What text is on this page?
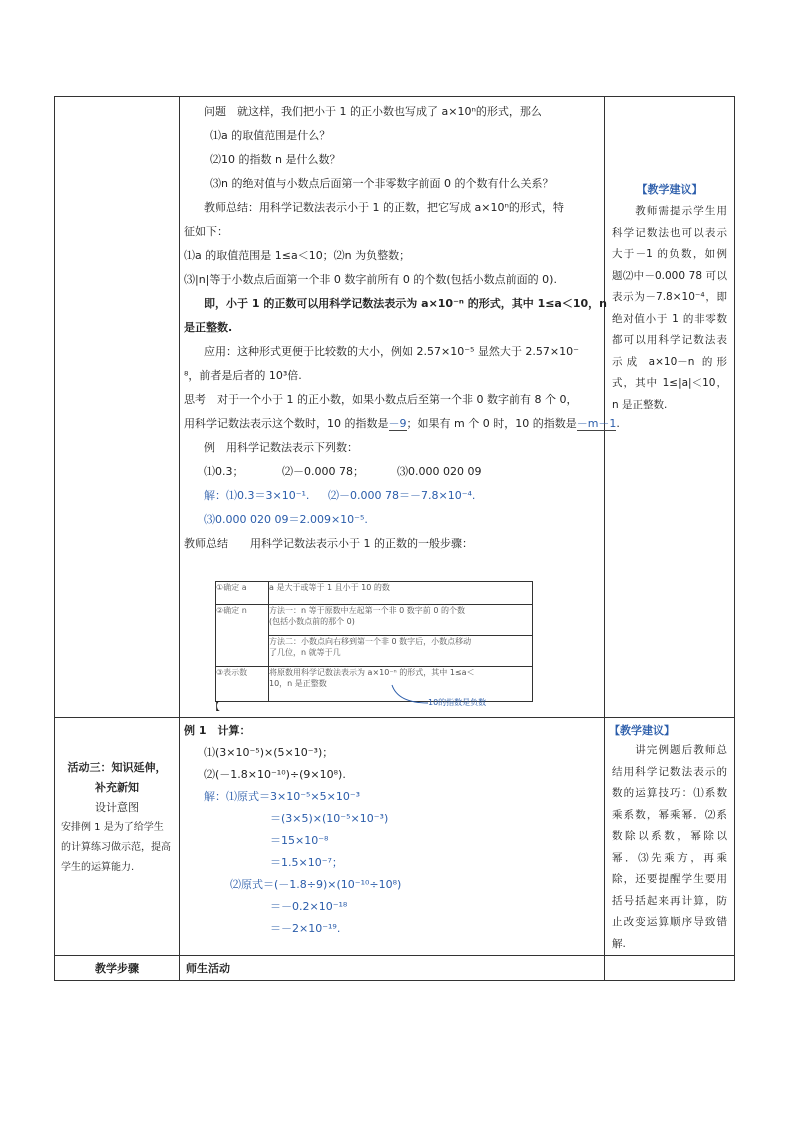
问题　就这样，我们把小于 1 的正小数也写成了 a×10ⁿ的形式，那么
⑴a 的取值范围是什么？
⑵10 的指数 n 是什么数？
⑶n 的绝对值与小数点后面第一个非零数字前面 0 的个数有什么关系？
教师总结：用科学记数法表示小于 1 的正数，把它写成 a×10ⁿ的形式，特
征如下：
⑴a 的取值范围是 1≤a＜10；⑵n 为负整数；
⑶|n|等于小数点后面第一个非 0 数字前所有 0 的个数(包括小数点前面的 0).
即，小于 1 的正数可以用科学记数法表示为 a×10⁻ⁿ 的形式，其中 1≤a＜10，n
是正整数.
应用：这种形式更便于比较数的大小，例如 2.57×10⁻⁵ 显然大于 2.57×10⁻
⁸，前者是后者的 10³倍.
思考　对于一个小于 1 的正小数，如果小数点后至第一个非 0 数字前有 8 个 0，
用科学记数法表示这个数时，10 的指数是－9；如果有 m 个 0 时，10 的指数是－m－1.
例　用科学记数法表示下列数：
⑴0.3；	⑵－0.000 78；	⑶0.000 020 09
解：⑴0.3＝3×10⁻¹. ⑵－0.000 78＝－7.8×10⁻⁴.
⑶0.000 020 09＝2.009×10⁻⁵.
教师总结　　用科学记数法表示小于 1 的正数的一般步骤：
①确定 a	a 是大于或等于 1 且小于 10 的数
②确定 n	方法一：n 等于原数中左起第一个非 0 数字前 0 的个数
(包括小数点前的那个 0)

方法二：小数点向右移到第一个非 0 数字后，小数点移动
了几位，n 就等于几

③表示数	将原数用科学记数法表示为 a×10⁻ⁿ 的形式，其中 1≤a＜
10，n 是正整数
10的指数是负数
【

【教学建议】
　　教师需提示学生用科学记数法也可以表示大于－1 的负数，如例题⑵中－0.000 78 可以表示为－7.8×10⁻⁴，即绝对值小于 1 的非零数都可以用科学记数法表示成 a×10－n 的形式，其中 1≤|a|＜10，n 是正整数.

活动三：知识延伸，
补充新知
设计意图
安排例 1 是为了给学生的计算练习做示范，提高学生的运算能力.

例 1　计算：
⑴(3×10⁻⁵)×(5×10⁻³)；
⑵(－1.8×10⁻¹⁰)÷(9×10⁸).
解：⑴原式＝3×10⁻⁵×5×10⁻³
＝(3×5)×(10⁻⁵×10⁻³)
＝15×10⁻⁸
＝1.5×10⁻⁷；
⑵原式＝(－1.8÷9)×(10⁻¹⁰÷10⁸)
＝－0.2×10⁻¹⁸
＝－2×10⁻¹⁹.

【教学建议】
　　讲完例题后教师总结用科学记数法表示的数的运算技巧：⑴系数乘系数，幂乘幂．⑵系数除以系数，幂除以幂．⑶先乘方，再乘除，还要提醒学生要用括号括起来再计算，防止改变运算顺序导致错解.

教学步骤	师生活动	
